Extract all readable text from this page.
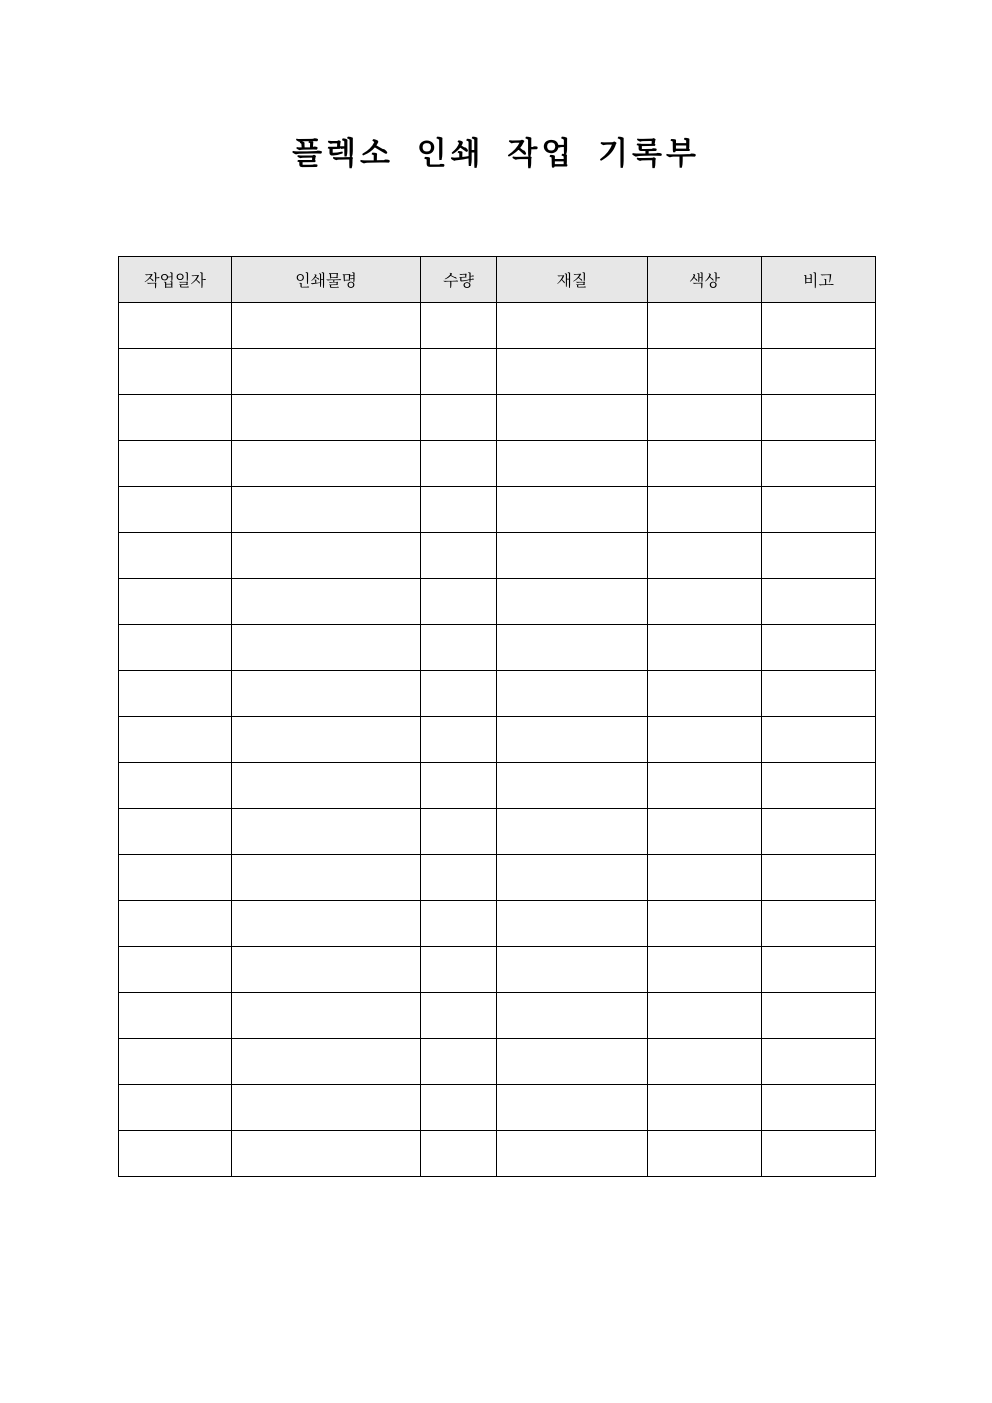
플렉소 인쇄 작업 기록부
작업일자	인쇄물명	수량	재질	색상	비고
